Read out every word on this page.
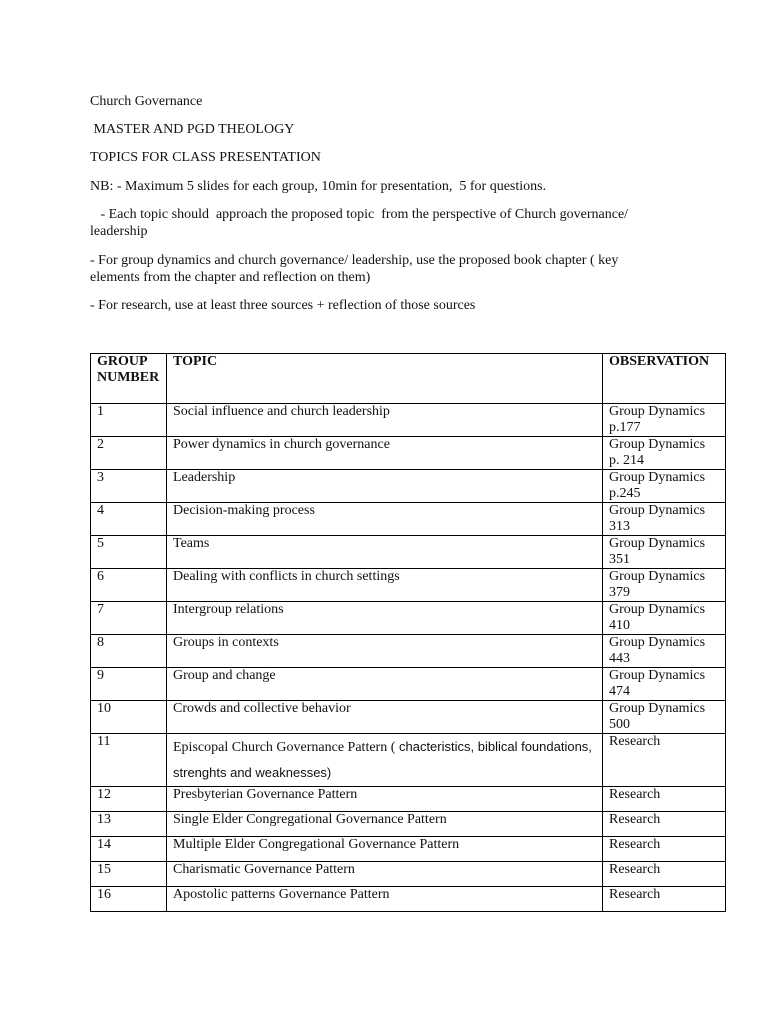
Church Governance

MASTER AND PGD THEOLOGY

TOPICS FOR CLASS PRESENTATION

NB: - Maximum 5 slides for each group, 10min for presentation,  5 for questions.

- Each topic should  approach the proposed topic  from the perspective of Church governance/ leadership

- For group dynamics and church governance/ leadership, use the proposed book chapter ( key elements from the chapter and reflection on them)

- For research, use at least three sources + reflection of those sources

GROUP NUMBER	TOPIC	OBSERVATION
1	Social influence and church leadership	Group Dynamics p.177
2	Power dynamics in church governance	Group Dynamics p. 214
3	Leadership	Group Dynamics p.245
4	Decision-making process	Group Dynamics 313
5	Teams	Group Dynamics 351
6	Dealing with conflicts in church settings	Group Dynamics 379
7	Intergroup relations	Group Dynamics 410
8	Groups in contexts	Group Dynamics 443
9	Group and change	Group Dynamics 474
10	Crowds and collective behavior	Group Dynamics 500
11	Episcopal Church Governance Pattern ( chacteristics, biblical foundations, strenghts and weaknesses)	Research
12	Presbyterian Governance Pattern	Research
13	Single Elder Congregational Governance Pattern	Research
14	Multiple Elder Congregational Governance Pattern	Research
15	Charismatic Governance Pattern	Research
16	Apostolic patterns Governance Pattern	Research
